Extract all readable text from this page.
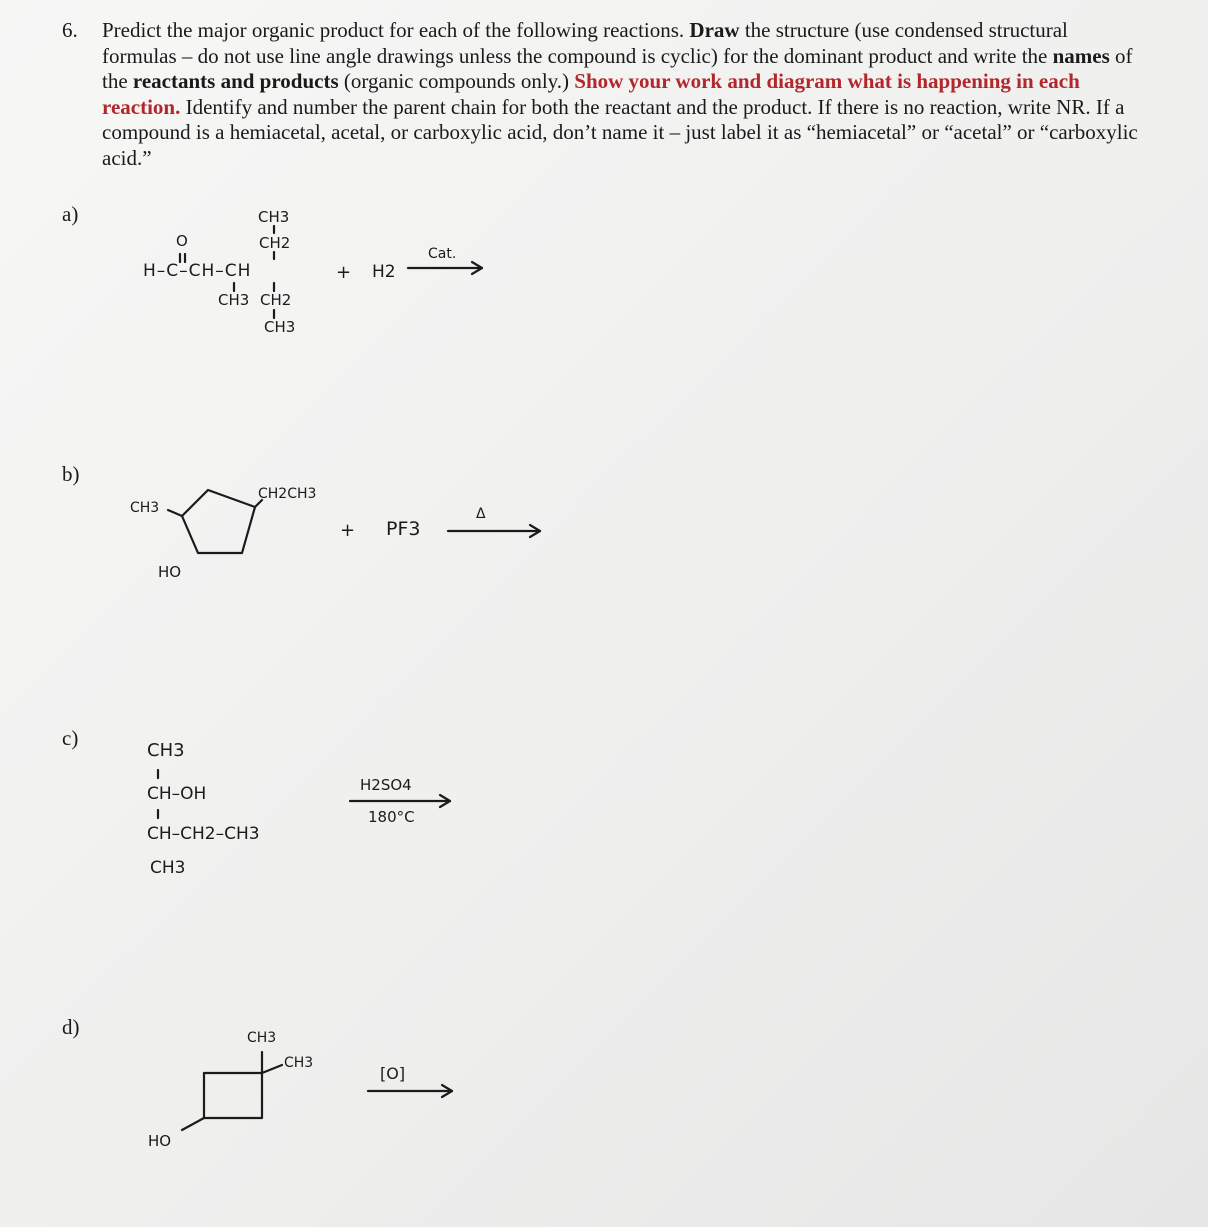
6. Predict the major organic product for each of the following reactions. Draw the structure (use condensed structural formulas – do not use line angle drawings unless the compound is cyclic) for the dominant product and write the names of the reactants and products (organic compounds only.) Show your work and diagram what is happening in each reaction. Identify and number the parent chain for both the reactant and the product. If there is no reaction, write NR. If a compound is a hemiacetal, acetal, or carboxylic acid, don’t name it – just label it as “hemiacetal” or “acetal” or “carboxylic acid.”
a)
b)
c)
d)
O
CH3
CH2
H–C–CH–CH
CH3 CH2
CH3
+ H2
Cat.
CH3
CH2CH3
HO
+ PF3
Δ
CH3
CH–OH
CH–CH2–CH3
CH3
H2SO4
180°C
CH3
CH3
HO
[O]
